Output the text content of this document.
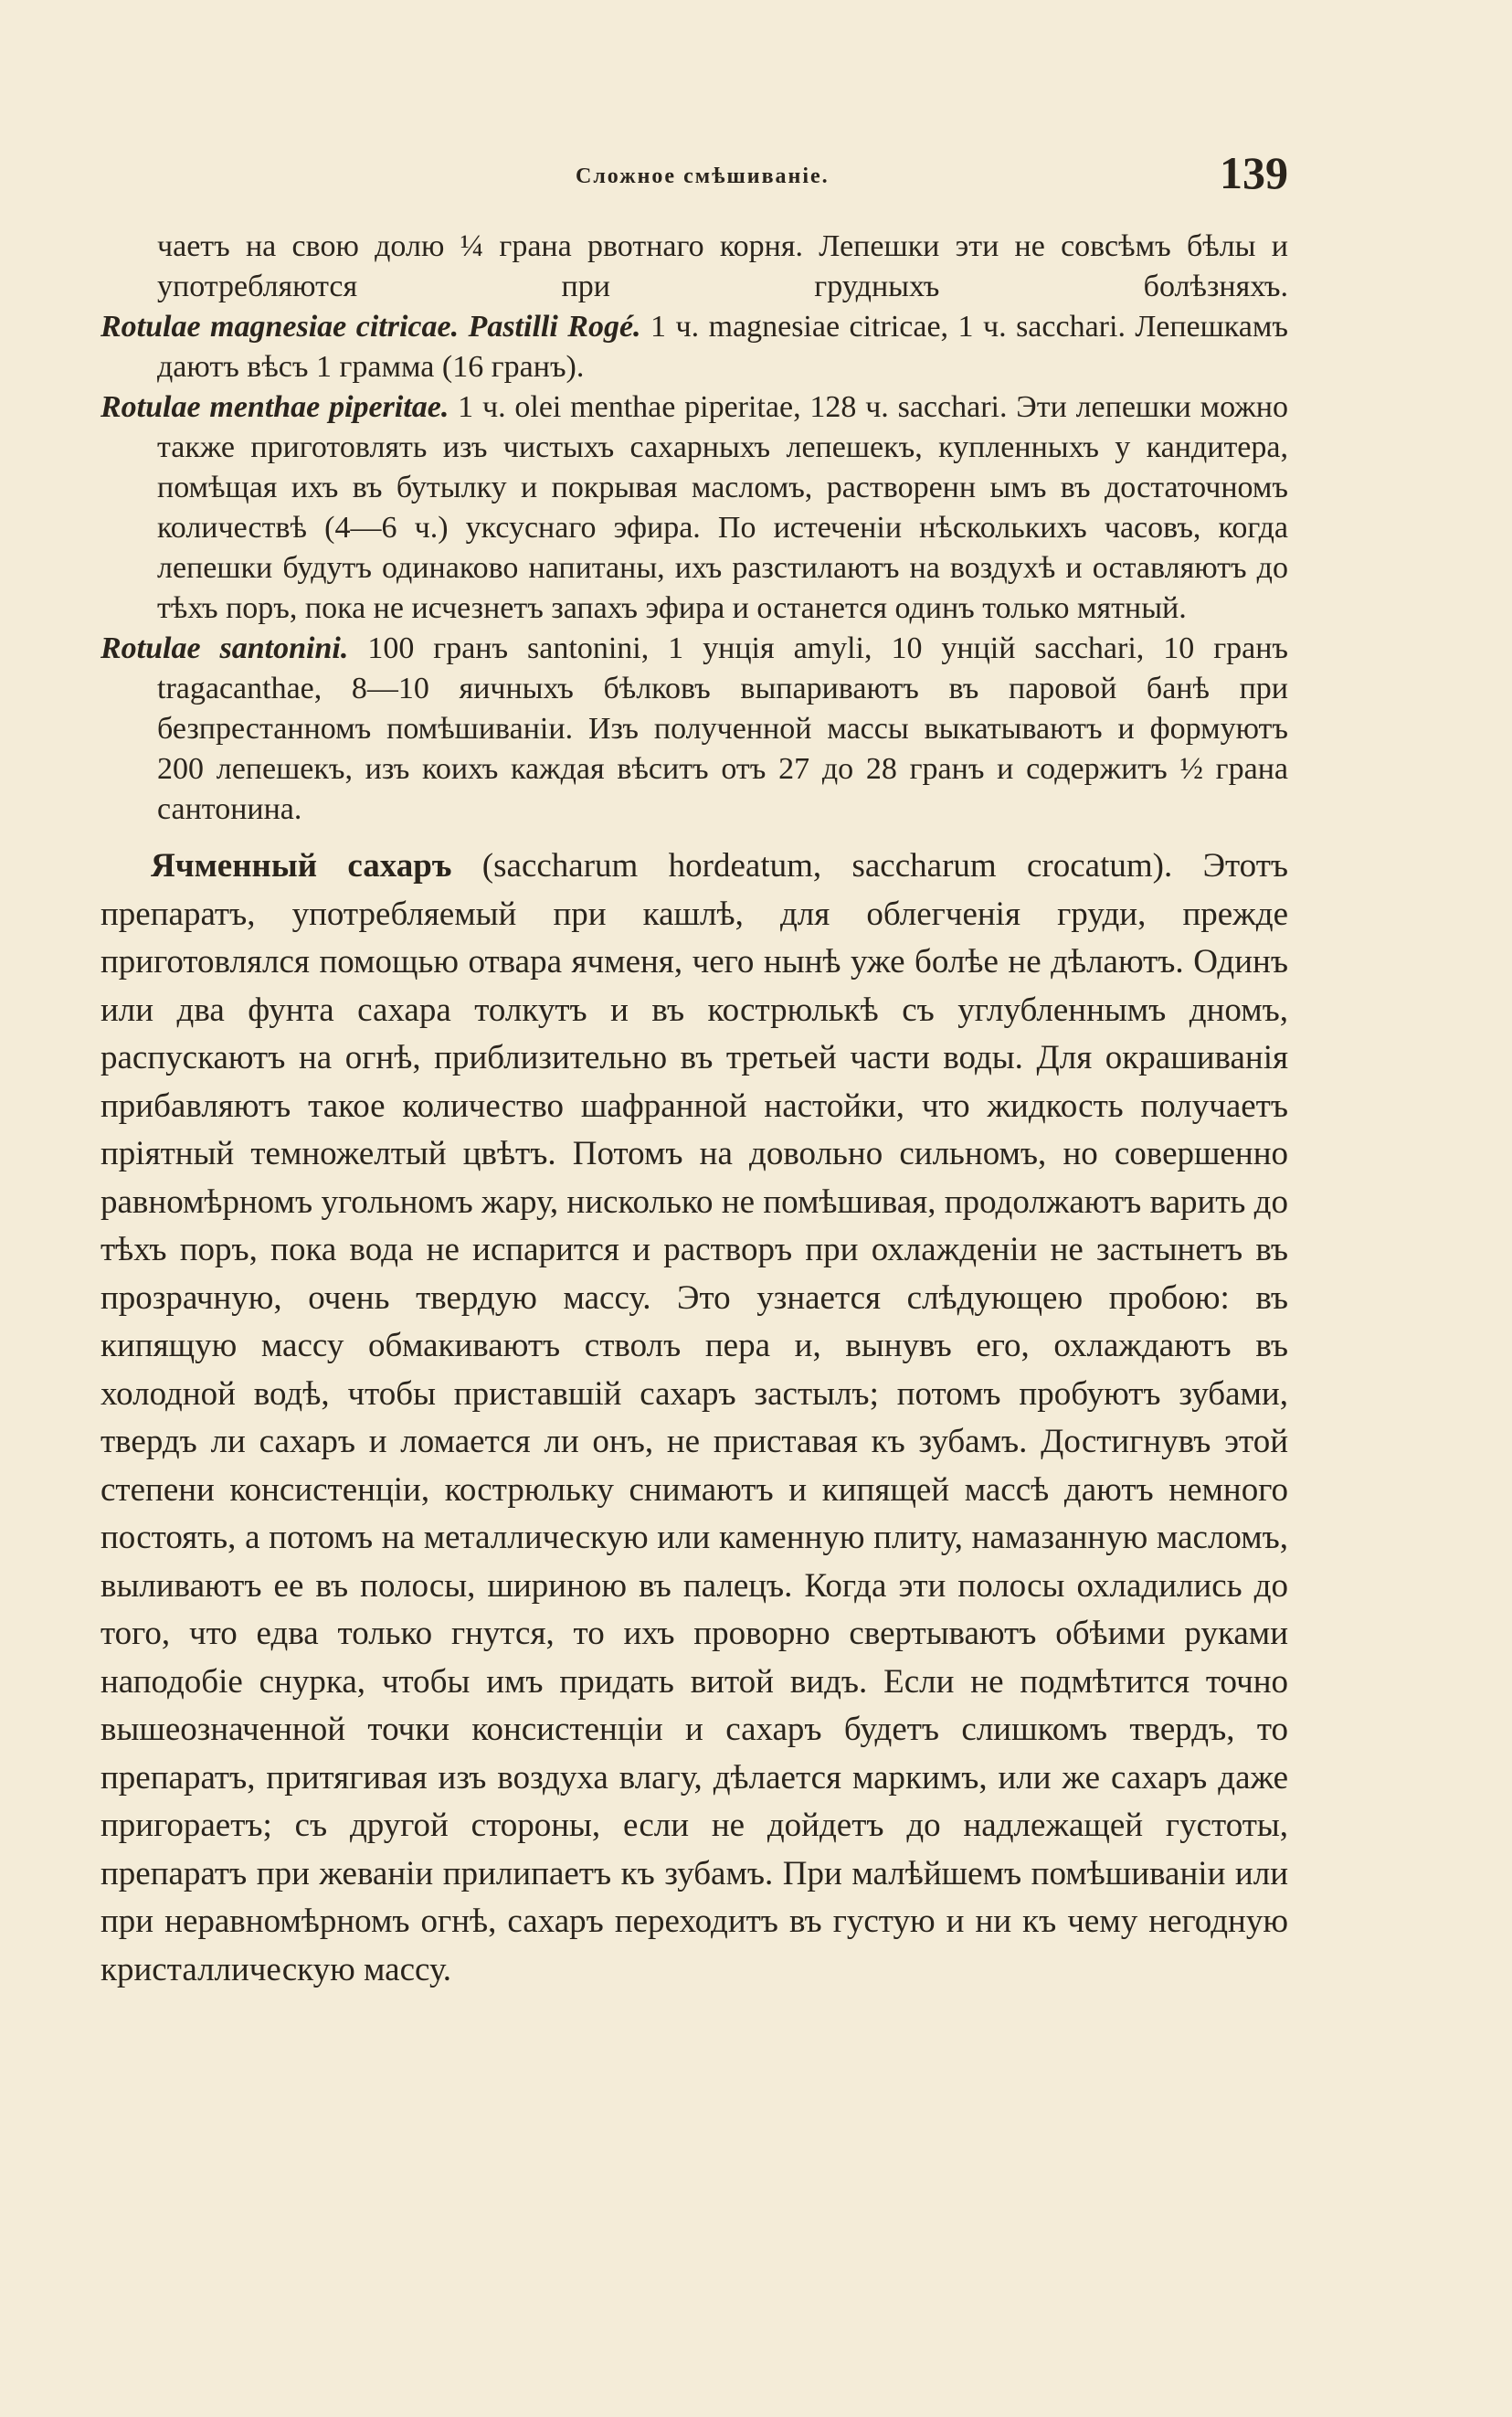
Сложное смѣшиваніе.	139

чаетъ на свою долю ¼ грана рвотнаго корня. Лепешки эти не совсѣмъ бѣлы и употребляются при грудныхъ болѣзняхъ.

Rotulae magnesiae citricae. Pastilli Rogé. 1 ч. magnesiae citricae, 1 ч. sacchari. Лепешкамъ даютъ вѣсъ 1 грамма (16 гранъ).

Rotulae menthae piperitae. 1 ч. olei menthae piperitae, 128 ч. sacchari. Эти лепешки можно также приготовлять изъ чистыхъ сахарныхъ лепешекъ, купленныхъ у кандитера, помѣщая ихъ въ бутылку и покрывая масломъ, растворенн ымъ въ достаточномъ количествѣ (4—6 ч.) уксуснаго эфира. По истеченіи нѣсколькихъ часовъ, когда лепешки будутъ одинаково напитаны, ихъ разстилаютъ на воздухѣ и оставляютъ до тѣхъ поръ, пока не исчезнетъ запахъ эфира и останется одинъ только мятный.

Rotulae santonini. 100 гранъ santonini, 1 унція amyli, 10 унцій sacchari, 10 гранъ tragacanthae, 8—10 яичныхъ бѣлковъ выпариваютъ въ паровой банѣ при безпрестанномъ помѣшиваніи. Изъ полученной массы выкатываютъ и формуютъ 200 лепешекъ, изъ коихъ каждая вѣситъ отъ 27 до 28 гранъ и содержитъ ½ грана сантонина.

Ячменный сахаръ (saccharum hordeatum, saccharum crocatum). Этотъ препаратъ, употребляемый при кашлѣ, для облегченія груди, прежде приготовлялся помощью отвара ячменя, чего нынѣ уже болѣе не дѣлаютъ. Одинъ или два фунта сахара толкутъ и въ кострюлькѣ съ углубленнымъ дномъ, распускаютъ на огнѣ, приблизительно въ третьей части воды. Для окрашиванія прибавляютъ такое количество шафранной настойки, что жидкость получаетъ пріятный темножелтый цвѣтъ. Потомъ на довольно сильномъ, но совершенно равномѣрномъ угольномъ жару, нисколько не помѣшивая, продолжаютъ варить до тѣхъ поръ, пока вода не испарится и растворъ при охлажденіи не застынетъ въ прозрачную, очень твердую массу. Это узнается слѣдующею пробою: въ кипящую массу обмакиваютъ стволъ пера и, вынувъ его, охлаждаютъ въ холодной водѣ, чтобы приставшій сахаръ застылъ; потомъ пробуютъ зубами, твердъ ли сахаръ и ломается ли онъ, не приставая къ зубамъ. Достигнувъ этой степени консистенціи, кострюльку снимаютъ и кипящей массѣ даютъ немного постоять, а потомъ на металлическую или каменную плиту, намазанную масломъ, выливаютъ ее въ полосы, шириною въ палецъ. Когда эти полосы охладились до того, что едва только гнутся, то ихъ проворно свертываютъ обѣими руками наподобіе снурка, чтобы имъ придать витой видъ. Если не подмѣтится точно вышеозначенной точки консистенціи и сахаръ будетъ слишкомъ твердъ, то препаратъ, притягивая изъ воздуха влагу, дѣлается маркимъ, или же сахаръ даже пригораетъ; съ другой стороны, если не дойдетъ до надлежащей густоты, препаратъ при жеваніи прилипаетъ къ зубамъ. При малѣйшемъ помѣшиваніи или при неравномѣрномъ огнѣ, сахаръ переходитъ въ густую и ни къ чему негодную кристаллическую массу.
